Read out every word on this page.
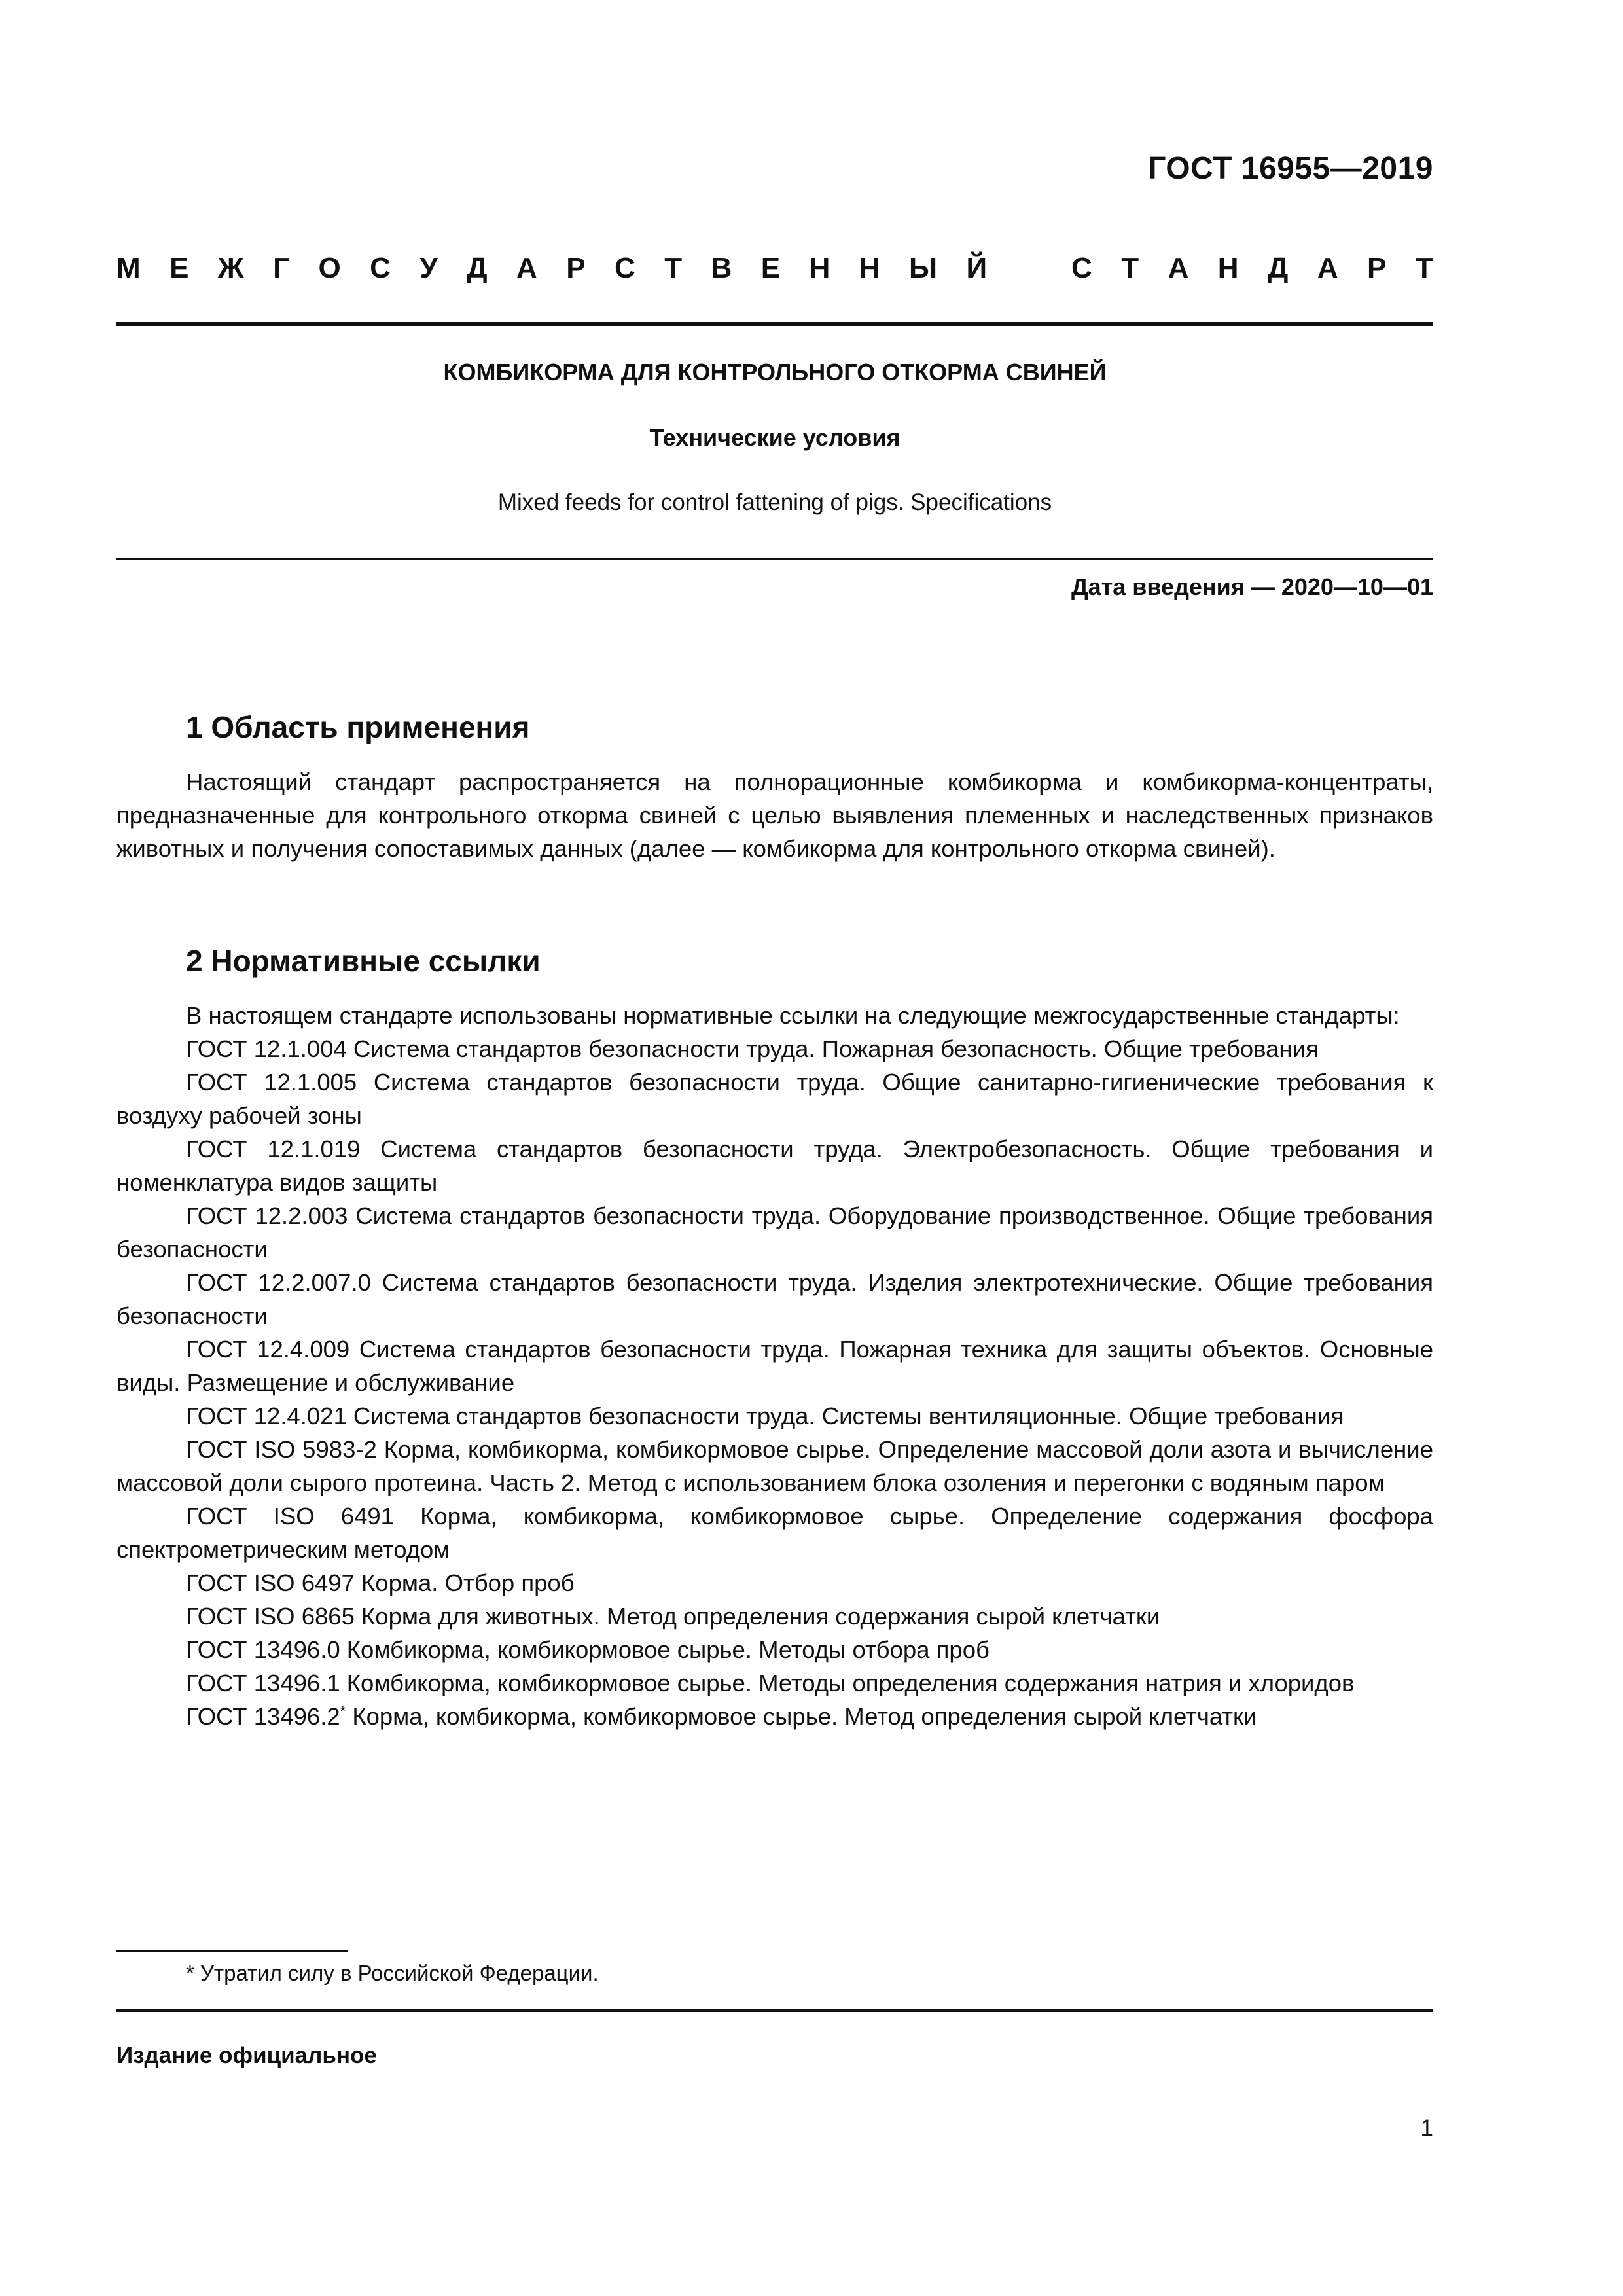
ГОСТ 16955—2019
М Е Ж Г О С У Д А Р С Т В Е Н Н Ы Й	С Т А Н Д А Р Т
КОМБИКОРМА ДЛЯ КОНТРОЛЬНОГО ОТКОРМА СВИНЕЙ
Технические условия
Mixed feeds for control fattening of pigs. Specifications
Дата введения — 2020—10—01
1 Область применения

Настоящий стандарт распространяется на полнорационные комбикорма и комбикорма-концентраты, предназначенные для контрольного откорма свиней с целью выявления племенных и наследственных признаков животных и получения сопоставимых данных (далее — комбикорма для контрольного откорма свиней).

2 Нормативные ссылки

В настоящем стандарте использованы нормативные ссылки на следующие межгосударственные стандарты:

ГОСТ 12.1.004 Система стандартов безопасности труда. Пожарная безопасность. Общие требования

ГОСТ 12.1.005 Система стандартов безопасности труда. Общие санитарно-гигиенические требования к воздуху рабочей зоны

ГОСТ 12.1.019 Система стандартов безопасности труда. Электробезопасность. Общие требования и номенклатура видов защиты

ГОСТ 12.2.003 Система стандартов безопасности труда. Оборудование производственное. Общие требования безопасности

ГОСТ 12.2.007.0 Система стандартов безопасности труда. Изделия электротехнические. Общие требования безопасности

ГОСТ 12.4.009 Система стандартов безопасности труда. Пожарная техника для защиты объектов. Основные виды. Размещение и обслуживание

ГОСТ 12.4.021 Система стандартов безопасности труда. Системы вентиляционные. Общие требования

ГОСТ ISO 5983-2 Корма, комбикорма, комбикормовое сырье. Определение массовой доли азота и вычисление массовой доли сырого протеина. Часть 2. Метод с использованием блока озоления и перегонки с водяным паром

ГОСТ ISO 6491 Корма, комбикорма, комбикормовое сырье. Определение содержания фосфора спектрометрическим методом

ГОСТ ISO 6497 Корма. Отбор проб

ГОСТ ISO 6865 Корма для животных. Метод определения содержания сырой клетчатки

ГОСТ 13496.0 Комбикорма, комбикормовое сырье. Методы отбора проб

ГОСТ 13496.1 Комбикорма, комбикормовое сырье. Методы определения содержания натрия и хлоридов

ГОСТ 13496.2* Корма, комбикорма, комбикормовое сырье. Метод определения сырой клетчатки

* Утратил силу в Российской Федерации.
Издание официальное
1
